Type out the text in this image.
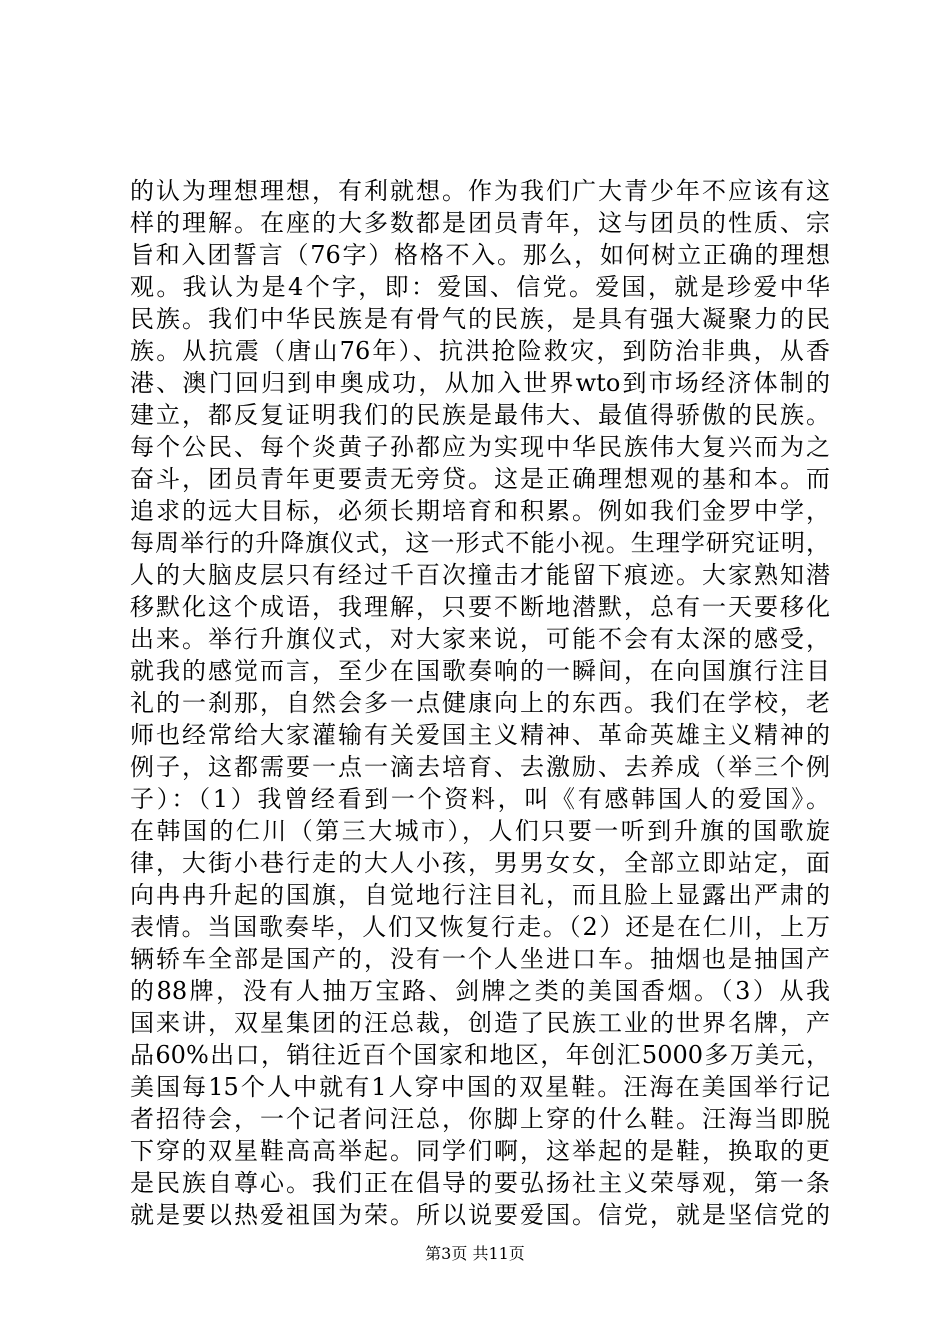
的认为理想理想，有利就想。作为我们广大青少年不应该有这
样的理解。在座的大多数都是团员青年，这与团员的性质、宗
旨和入团誓言（76字）格格不入。那么，如何树立正确的理想
观。我认为是4个字，即：爱国、信党。爱国，就是珍爱中华
民族。我们中华民族是有骨气的民族，是具有强大凝聚力的民
族。从抗震（唐山76年）、抗洪抢险救灾，到防治非典，从香
港、澳门回归到申奥成功，从加入世界wto到市场经济体制的
建立，都反复证明我们的民族是最伟大、最值得骄傲的民族。
每个公民、每个炎黄子孙都应为实现中华民族伟大复兴而为之
奋斗，团员青年更要责无旁贷。这是正确理想观的基和本。而
追求的远大目标，必须长期培育和积累。例如我们金罗中学，
每周举行的升降旗仪式，这一形式不能小视。生理学研究证明，
人的大脑皮层只有经过千百次撞击才能留下痕迹。大家熟知潜
移默化这个成语，我理解，只要不断地潜默，总有一天要移化
出来。举行升旗仪式，对大家来说，可能不会有太深的感受，
就我的感觉而言，至少在国歌奏响的一瞬间，在向国旗行注目
礼的一刹那，自然会多一点健康向上的东西。我们在学校，老
师也经常给大家灌输有关爱国主义精神、革命英雄主义精神的
例子，这都需要一点一滴去培育、去激励、去养成（举三个例
子）：（1）我曾经看到一个资料，叫《有感韩国人的爱国》。
在韩国的仁川（第三大城市），人们只要一听到升旗的国歌旋
律，大街小巷行走的大人小孩，男男女女，全部立即站定，面
向冉冉升起的国旗，自觉地行注目礼，而且脸上显露出严肃的
表情。当国歌奏毕，人们又恢复行走。（2）还是在仁川，上万
辆轿车全部是国产的，没有一个人坐进口车。抽烟也是抽国产
的88牌，没有人抽万宝路、剑牌之类的美国香烟。（3）从我
国来讲，双星集团的汪总裁，创造了民族工业的世界名牌，产
品60%出口，销往近百个国家和地区，年创汇5000多万美元，
美国每15个人中就有1人穿中国的双星鞋。汪海在美国举行记
者招待会，一个记者问汪总，你脚上穿的什么鞋。汪海当即脱
下穿的双星鞋高高举起。同学们啊，这举起的是鞋，换取的更
是民族自尊心。我们正在倡导的要弘扬社主义荣辱观，第一条
就是要以热爱祖国为荣。所以说要爱国。信党，就是坚信党的
第3页 共11页
